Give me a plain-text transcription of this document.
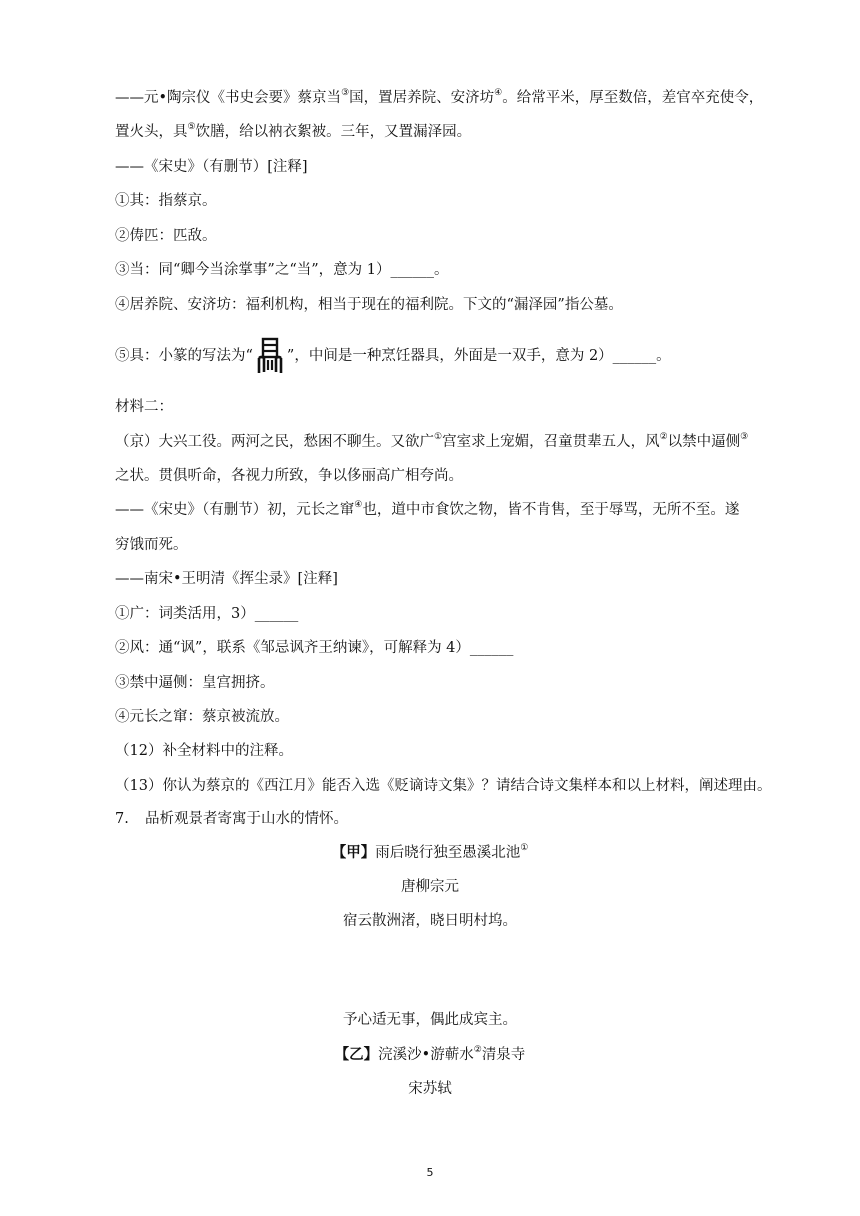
——元•陶宗仪《书史会要》蔡京当③国，置居养院、安济坊④。给常平米，厚至数倍，差官卒充使令，
置火头，具⑤饮膳，给以衲衣絮被。三年，又置漏泽园。
——《宋史》（有删节）[注释]
①其：指蔡京。
②俦匹：匹敌。
③当：同“卿今当涂掌事”之“当”，意为 1）______。
④居养院、安济坊：福利机构，相当于现在的福利院。下文的“漏泽园”指公墓。
⑤具：小篆的写法为“ ”，中间是一种烹饪器具，外面是一双手，意为 2）______。
材料二：
（京）大兴工役。两河之民，愁困不聊生。又欲广①宫室求上宠媚，召童贯辈五人，风②以禁中逼侧③
之状。贯俱听命，各视力所致，争以侈丽高广相夸尚。
——《宋史》（有删节）初，元长之窜④也，道中市食饮之物，皆不肯售，至于辱骂，无所不至。遂
穷饿而死。
——南宋•王明清《挥尘录》[注释]
①广：词类活用，3）______
②风：通“讽”，联系《邹忌讽齐王纳谏》，可解释为 4）______
③禁中逼侧：皇宫拥挤。
④元长之窜：蔡京被流放。
（12）补全材料中的注释。
（13）你认为蔡京的《西江月》能否入选《贬谪诗文集》？请结合诗文集样本和以上材料，阐述理由。
7. 品析观景者寄寓于山水的情怀。
【甲】雨后晓行独至愚溪北池①
唐柳宗元
宿云散洲渚，晓日明村坞。
予心适无事，偶此成宾主。
【乙】浣溪沙•游蕲水②清泉寺
宋苏轼
5
